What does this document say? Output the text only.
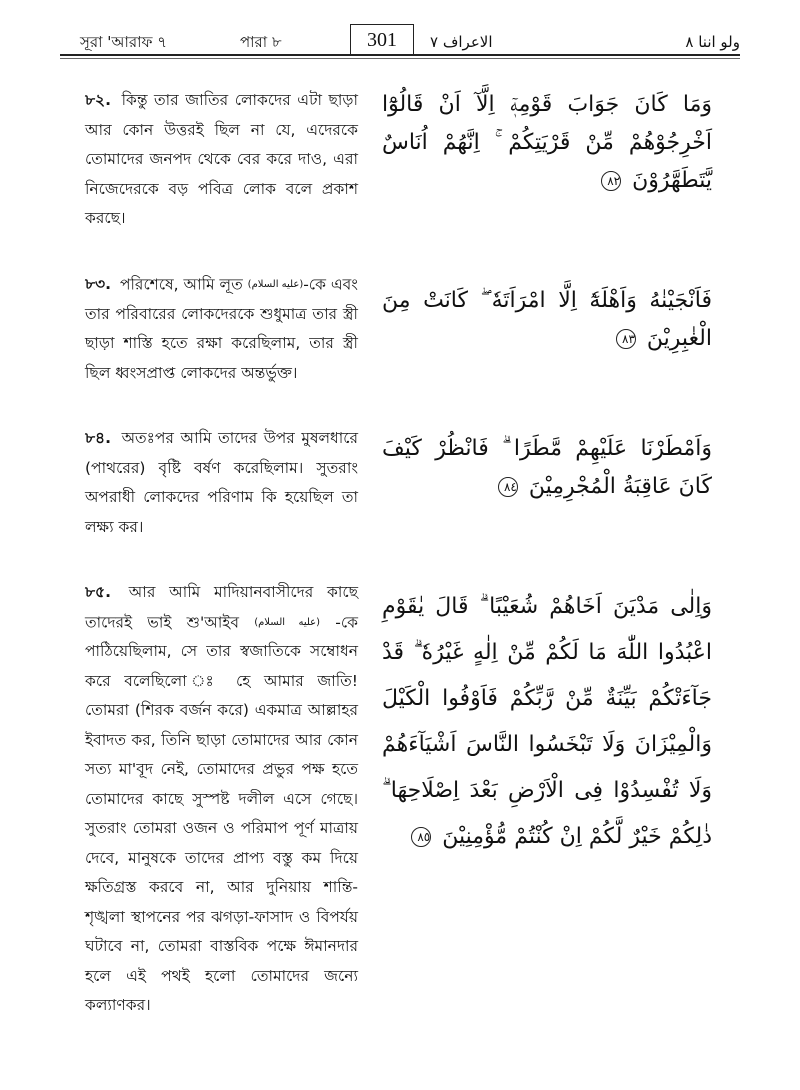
সূরা 'আরাফ ৭	পারা ৮	301	الاعراف ٧	ولو اننا ٨
৮২. কিন্তু তার জাতির লোকদের এটা ছাড়া আর কোন উত্তরই ছিল না যে, এদেরকে তোমাদের জনপদ থেকে বের করে দাও, এরা নিজেদেরকে বড় পবিত্র লোক বলে প্রকাশ করছে।
وَمَا كَانَ جَوَابَ قَوْمِهٖٓ اِلَّآ اَنْ قَالُوْٓا اَخْرِجُوْهُمْ مِّنْ قَرْيَتِكُمْ ۚ اِنَّهُمْ اُنَاسٌ يَّتَطَهَّرُوْنَ ٨٢
৮৩. পরিশেষে, আমি লূত (عليه السلام)-কে এবং তার পরিবারের লোকদেরকে শুধুমাত্র তার স্ত্রী ছাড়া শাস্তি হতে রক্ষা করেছিলাম, তার স্ত্রী ছিল ধ্বংসপ্রাপ্ত লোকদের অন্তর্ভুক্ত।
فَاَنْجَيْنٰهُ وَاَهْلَهٗٓ اِلَّا امْرَاَتَهٗ ۖ كَانَتْ مِنَ الْغٰبِرِيْنَ ٨٣
৮৪. অতঃপর আমি তাদের উপর মুষলধারে (পাথরের) বৃষ্টি বর্ষণ করেছিলাম। সুতরাং অপরাধী লোকদের পরিণাম কি হয়েছিল তা লক্ষ্য কর।
وَاَمْطَرْنَا عَلَيْهِمْ مَّطَرًا ۗ فَانْظُرْ كَيْفَ كَانَ عَاقِبَةُ الْمُجْرِمِيْنَ ٨٤
৮৫. আর আমি মাদিয়ানবাসীদের কাছে তাদেরই ভাই শু'আইব (عليه السلام) -কে পাঠিয়েছিলাম, সে তার স্বজাতিকে সম্বোধন করে বলেছিলো ঃ হে আমার জাতি! তোমরা (শিরক বর্জন করে) একমাত্র আল্লাহর ইবাদত কর, তিনি ছাড়া তোমাদের আর কোন সত্য মা'বূদ নেই, তোমাদের প্রভুর পক্ষ হতে তোমাদের কাছে সুস্পষ্ট দলীল এসে গেছে। সুতরাং তোমরা ওজন ও পরিমাপ পূর্ণ মাত্রায় দেবে, মানুষকে তাদের প্রাপ্য বস্তু কম দিয়ে ক্ষতিগ্রস্ত করবে না, আর দুনিয়ায় শান্তি-শৃঙ্খলা স্থাপনের পর ঝগড়া-ফাসাদ ও বিপর্যয় ঘটাবে না, তোমরা বাস্তবিক পক্ষে ঈমানদার হলে এই পথই হলো তোমাদের জন্যে কল্যাণকর।
وَاِلٰى مَدْيَنَ اَخَاهُمْ شُعَيْبًا ۗ قَالَ يٰقَوْمِ اعْبُدُوا اللّٰهَ مَا لَكُمْ مِّنْ اِلٰهٍ غَيْرُهٗ ۗ قَدْ جَآءَتْكُمْ بَيِّنَةٌ مِّنْ رَّبِّكُمْ فَاَوْفُوا الْكَيْلَ وَالْمِيْزَانَ وَلَا تَبْخَسُوا النَّاسَ اَشْيَآءَهُمْ وَلَا تُفْسِدُوْا فِى الْاَرْضِ بَعْدَ اِصْلَاحِهَا ۗ ذٰلِكُمْ خَيْرٌ لَّكُمْ اِنْ كُنْتُمْ مُّؤْمِنِيْنَ ٨٥
